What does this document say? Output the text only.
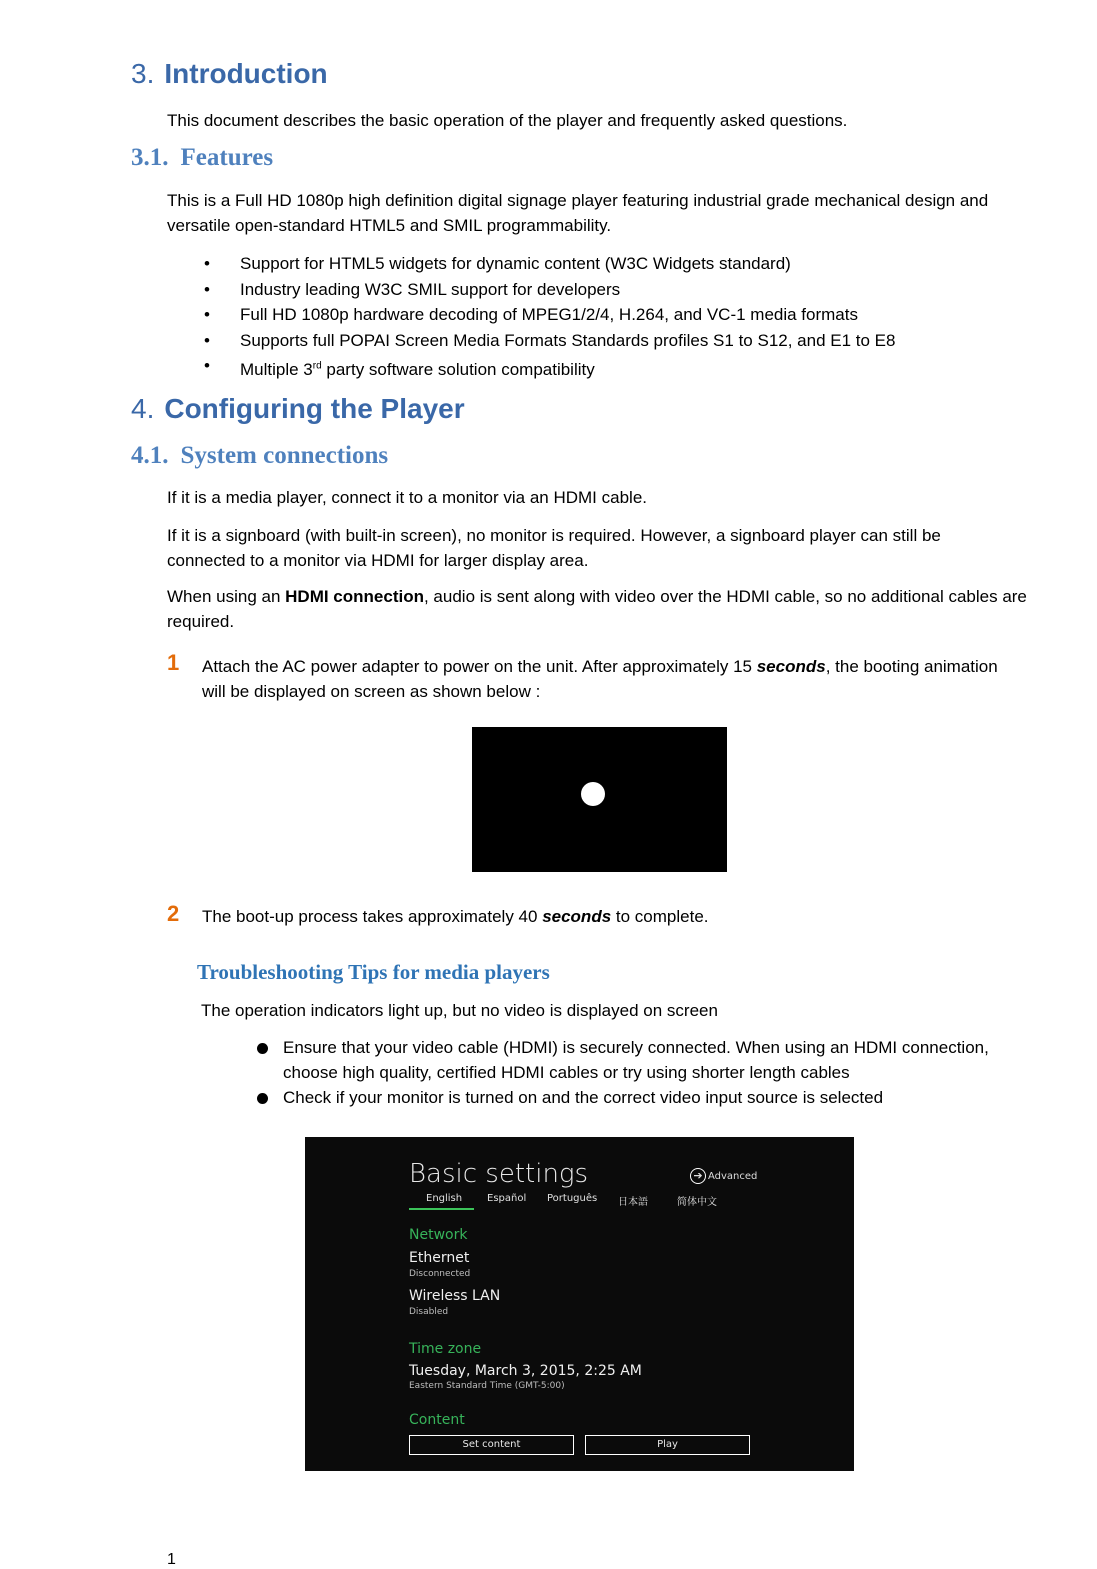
3. Introduction
This document describes the basic operation of the player and frequently asked questions.
3.1. Features
This is a Full HD 1080p high definition digital signage player featuring industrial grade mechanical design and
versatile open-standard HTML5 and SMIL programmability.
• Support for HTML5 widgets for dynamic content (W3C Widgets standard)
• Industry leading W3C SMIL support for developers
• Full HD 1080p hardware decoding of MPEG1/2/4, H.264, and VC-1 media formats
• Supports full POPAI Screen Media Formats Standards profiles S1 to S12, and E1 to E8
• Multiple 3rd party software solution compatibility
4. Configuring the Player
4.1. System connections
If it is a media player, connect it to a monitor via an HDMI cable.
If it is a signboard (with built-in screen), no monitor is required. However, a signboard player can still be
connected to a monitor via HDMI for larger display area.
When using an HDMI connection, audio is sent along with video over the HDMI cable, so no additional cables are
required.
1 Attach the AC power adapter to power on the unit. After approximately 15 seconds, the booting animation
will be displayed on screen as shown below :
2 The boot-up process takes approximately 40 seconds to complete.
Troubleshooting Tips for media players
The operation indicators light up, but no video is displayed on screen
Ensure that your video cable (HDMI) is securely connected. When using an HDMI connection,
choose high quality, certified HDMI cables or try using shorter length cables
Check if your monitor is turned on and the correct video input source is selected
Basic settings	➔ Advanced
English Español Português 日本語	简体中文
Network
Ethernet
Disconnected
Wireless LAN
Disabled
Time zone
Tuesday, March 3, 2015, 2:25 AM
Eastern Standard Time (GMT-5:00)
Content
Set content	Play
1
